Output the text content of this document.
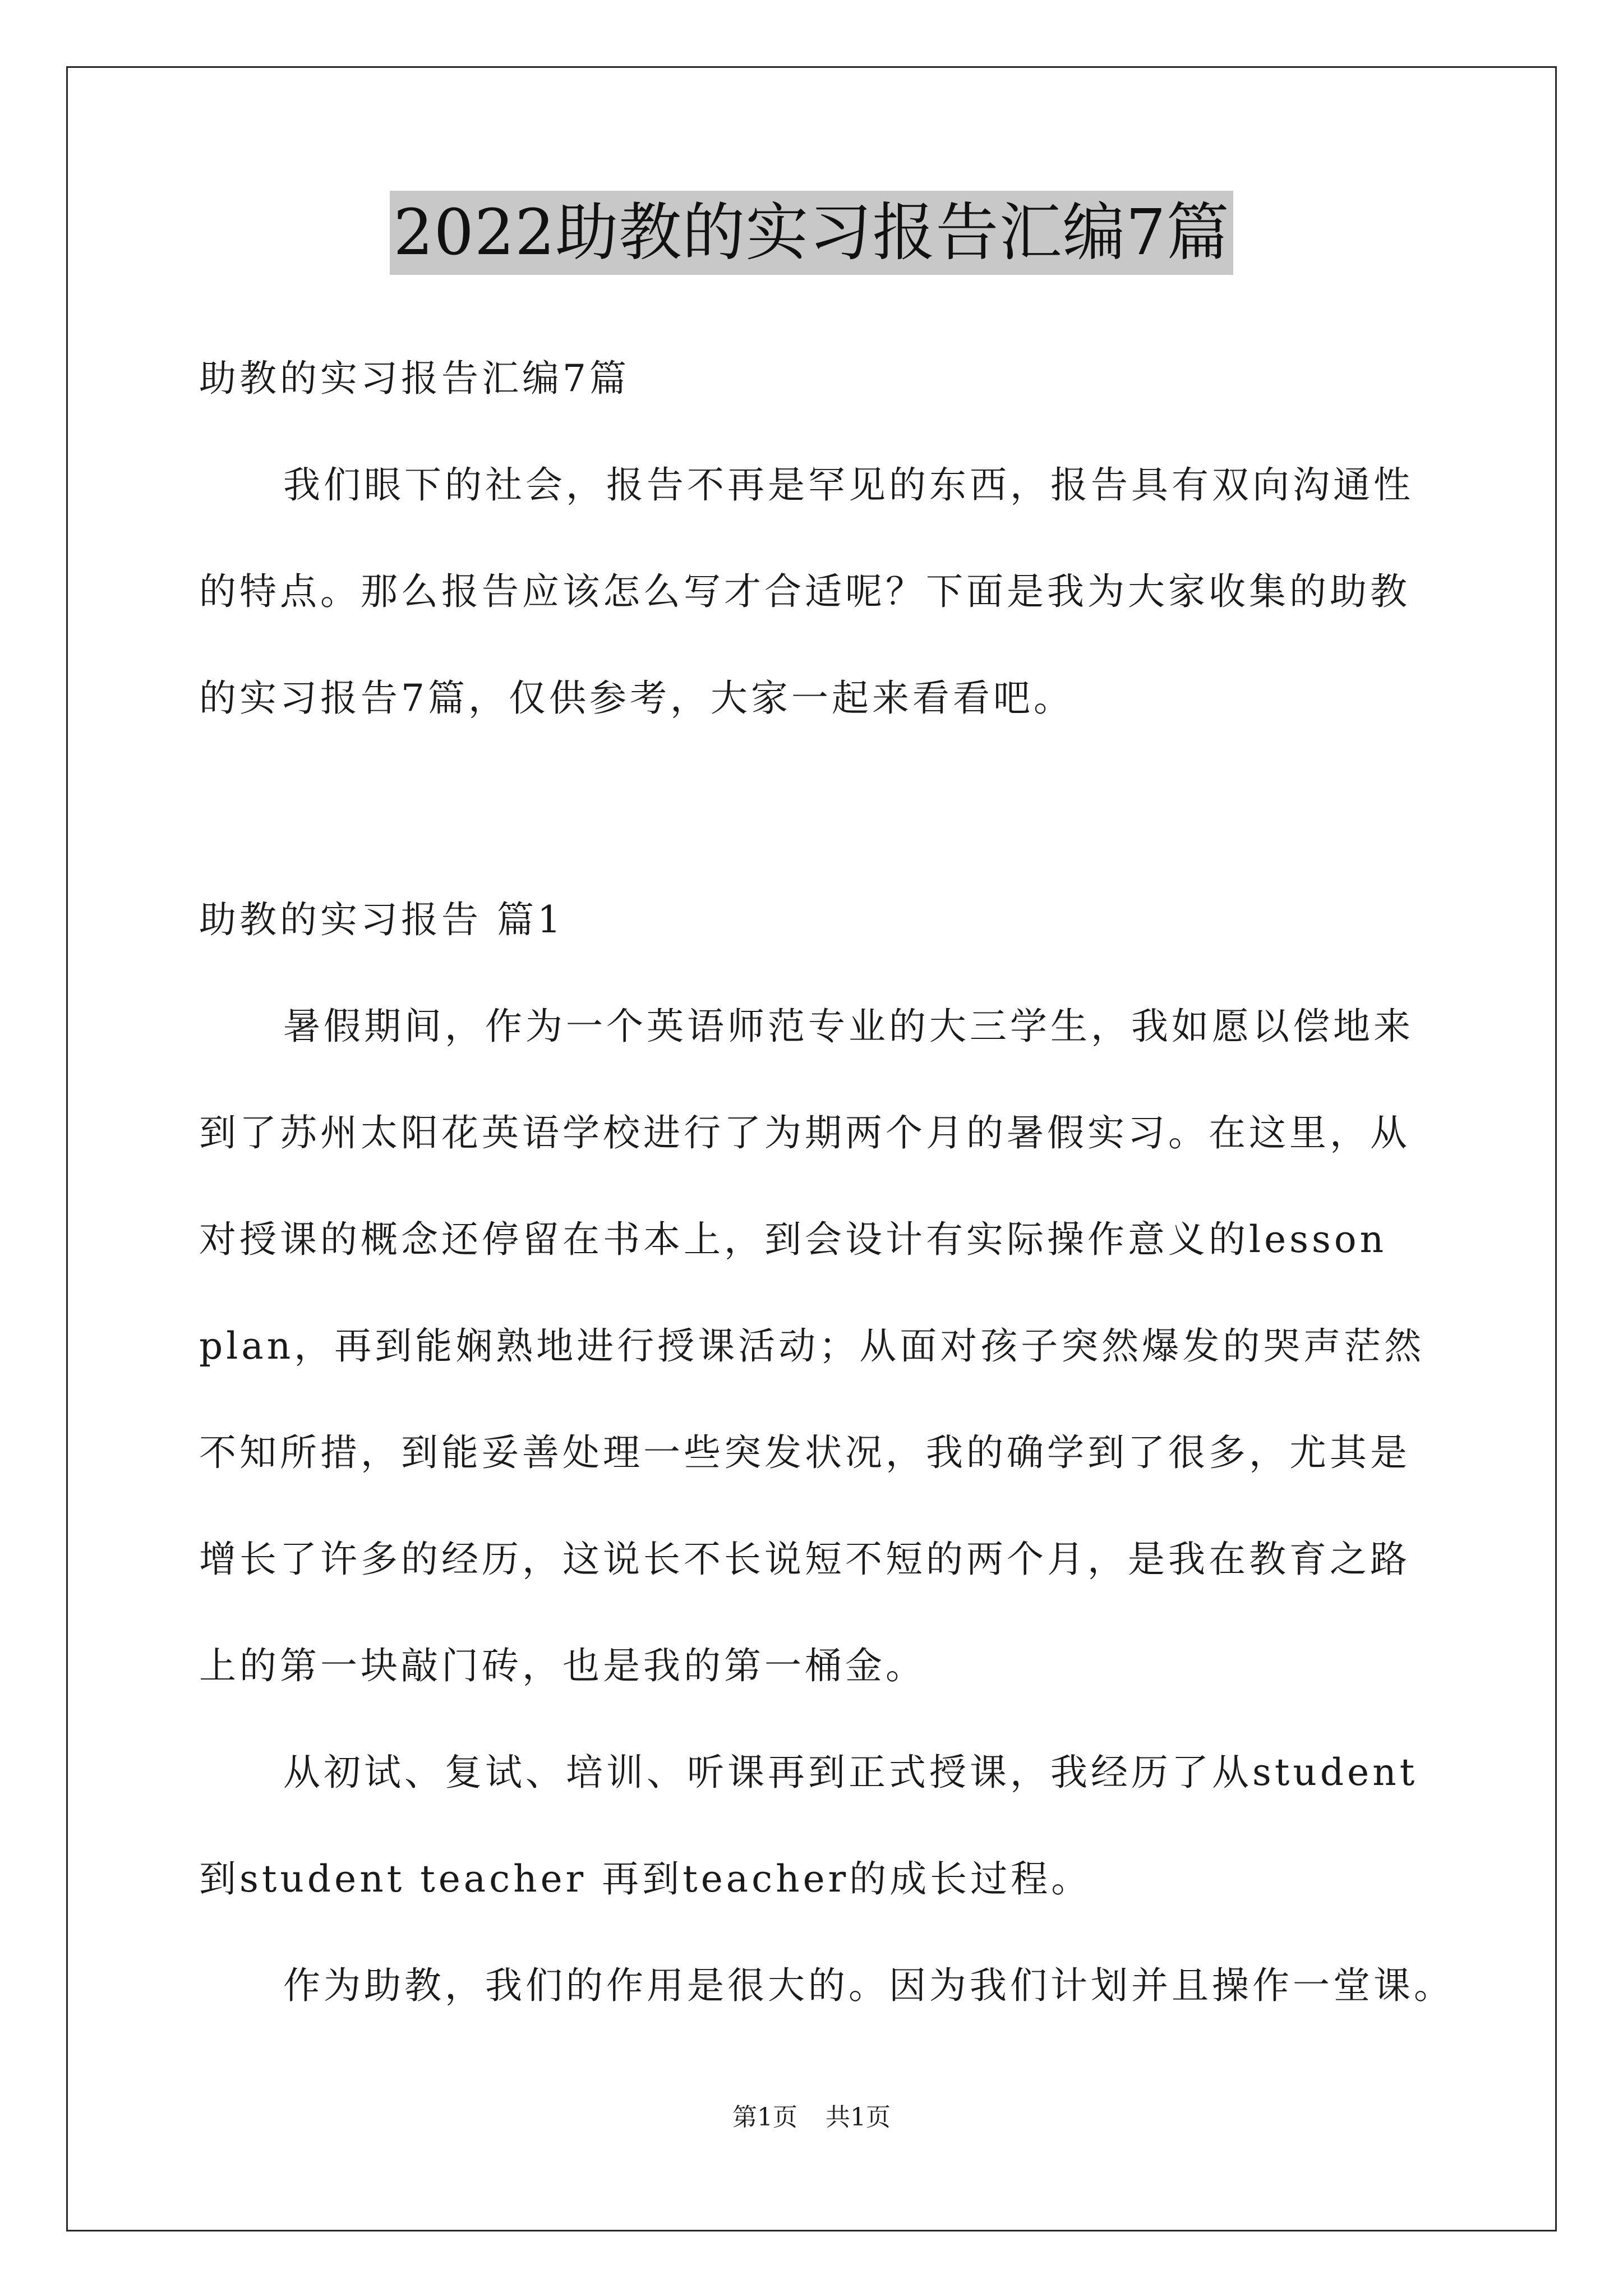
2022助教的实习报告汇编7篇
助教的实习报告汇编7篇
我们眼下的社会，报告不再是罕见的东西，报告具有双向沟通性
的特点。那么报告应该怎么写才合适呢？下面是我为大家收集的助教
的实习报告7篇，仅供参考，大家一起来看看吧。
助教的实习报告 篇1
暑假期间，作为一个英语师范专业的大三学生，我如愿以偿地来
到了苏州太阳花英语学校进行了为期两个月的暑假实习。在这里，从
对授课的概念还停留在书本上，到会设计有实际操作意义的lesson
plan，再到能娴熟地进行授课活动；从面对孩子突然爆发的哭声茫然
不知所措，到能妥善处理一些突发状况，我的确学到了很多，尤其是
增长了许多的经历，这说长不长说短不短的两个月，是我在教育之路
上的第一块敲门砖，也是我的第一桶金。
从初试、复试、培训、听课再到正式授课，我经历了从student
到student teacher 再到teacher的成长过程。
作为助教，我们的作用是很大的。因为我们计划并且操作一堂课。
第1页 共1页
